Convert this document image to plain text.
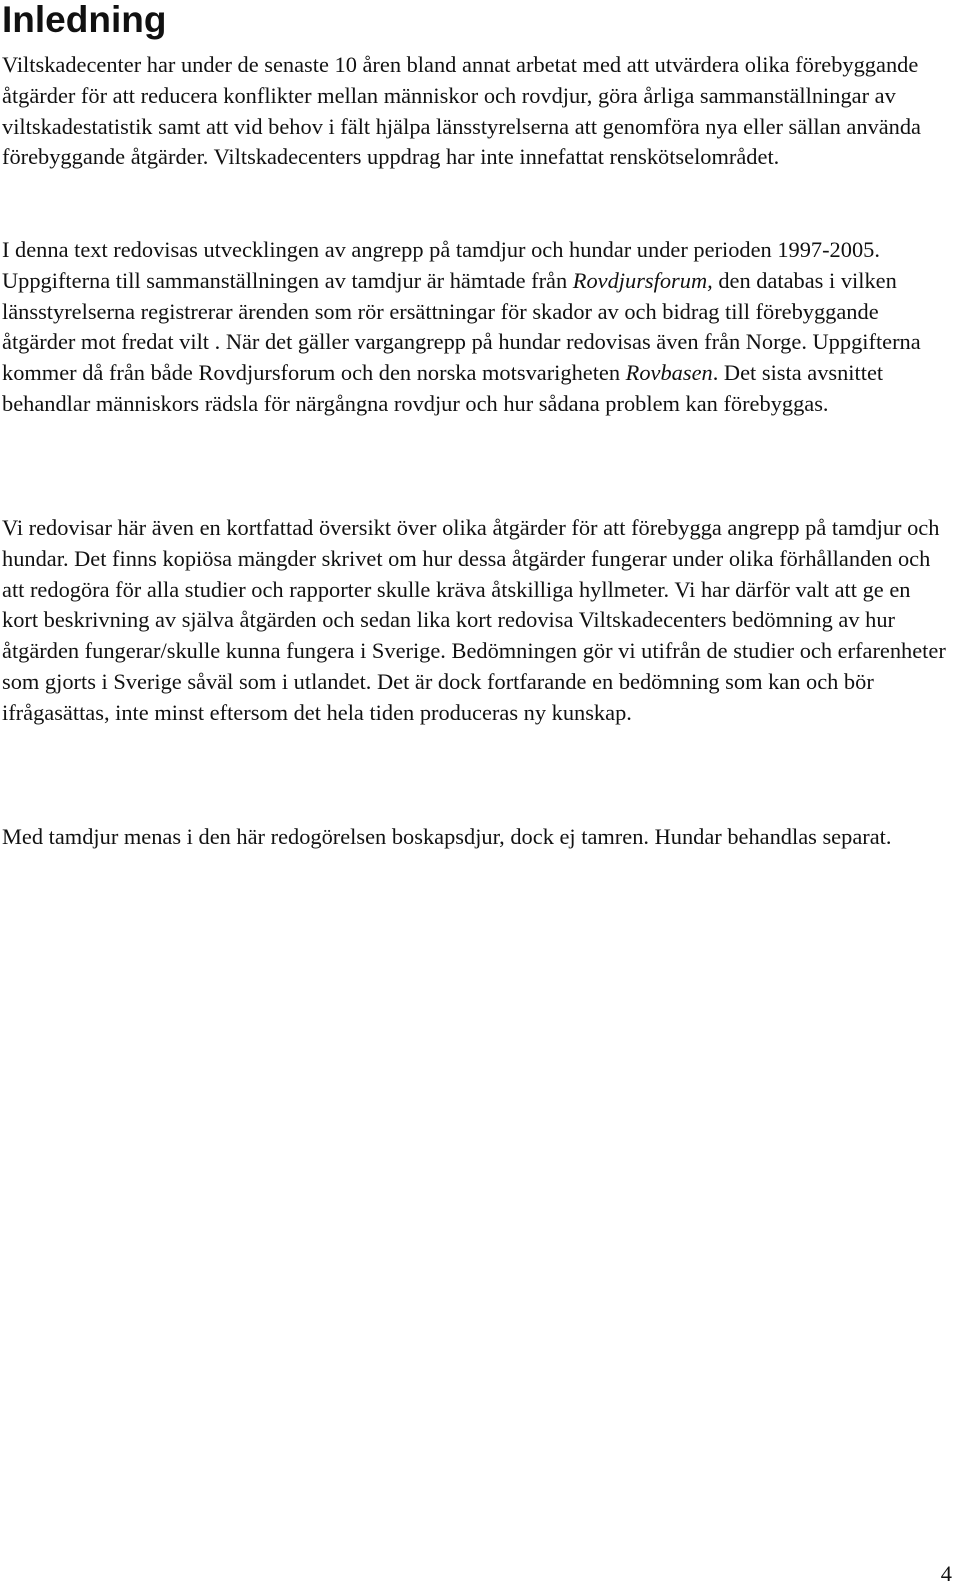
Inledning

Viltskadecenter har under de senaste 10 åren bland annat arbetat med att utvärdera olika förebyggande åtgärder för att reducera konflikter mellan människor och rovdjur, göra årliga sammanställningar av viltskadestatistik samt att vid behov i fält hjälpa länsstyrelserna att genomföra nya eller sällan använda förebyggande åtgärder. Viltskadecenters uppdrag har inte innefattat renskötselområdet.

I denna text redovisas utvecklingen av angrepp på tamdjur och hundar under perioden 1997-2005. Uppgifterna till sammanställningen av tamdjur är hämtade från Rovdjursforum, den databas i vilken länsstyrelserna registrerar ärenden som rör ersättningar för skador av och bidrag till förebyggande åtgärder mot fredat vilt . När det gäller vargangrepp på hundar redovisas även från Norge. Uppgifterna kommer då från både Rovdjursforum och den norska motsvarigheten Rovbasen. Det sista avsnittet behandlar människors rädsla för närgångna rovdjur och hur sådana problem kan förebyggas.

Vi redovisar här även en kortfattad översikt över olika åtgärder för att förebygga angrepp på tamdjur och hundar. Det finns kopiösa mängder skrivet om hur dessa åtgärder fungerar under olika förhållanden och att redogöra för alla studier och rapporter skulle kräva åtskilliga hyllmeter. Vi har därför valt att ge en kort beskrivning av själva åtgärden och sedan lika kort redovisa Viltskadecenters bedömning av hur åtgärden fungerar/skulle kunna fungera i Sverige. Bedömningen gör vi utifrån de studier och erfarenheter som gjorts i Sverige såväl som i utlandet. Det är dock fortfarande en bedömning som kan och bör ifrågasättas, inte minst eftersom det hela tiden produceras ny kunskap.

Med tamdjur menas i den här redogörelsen boskapsdjur, dock ej tamren. Hundar behandlas separat.

4
